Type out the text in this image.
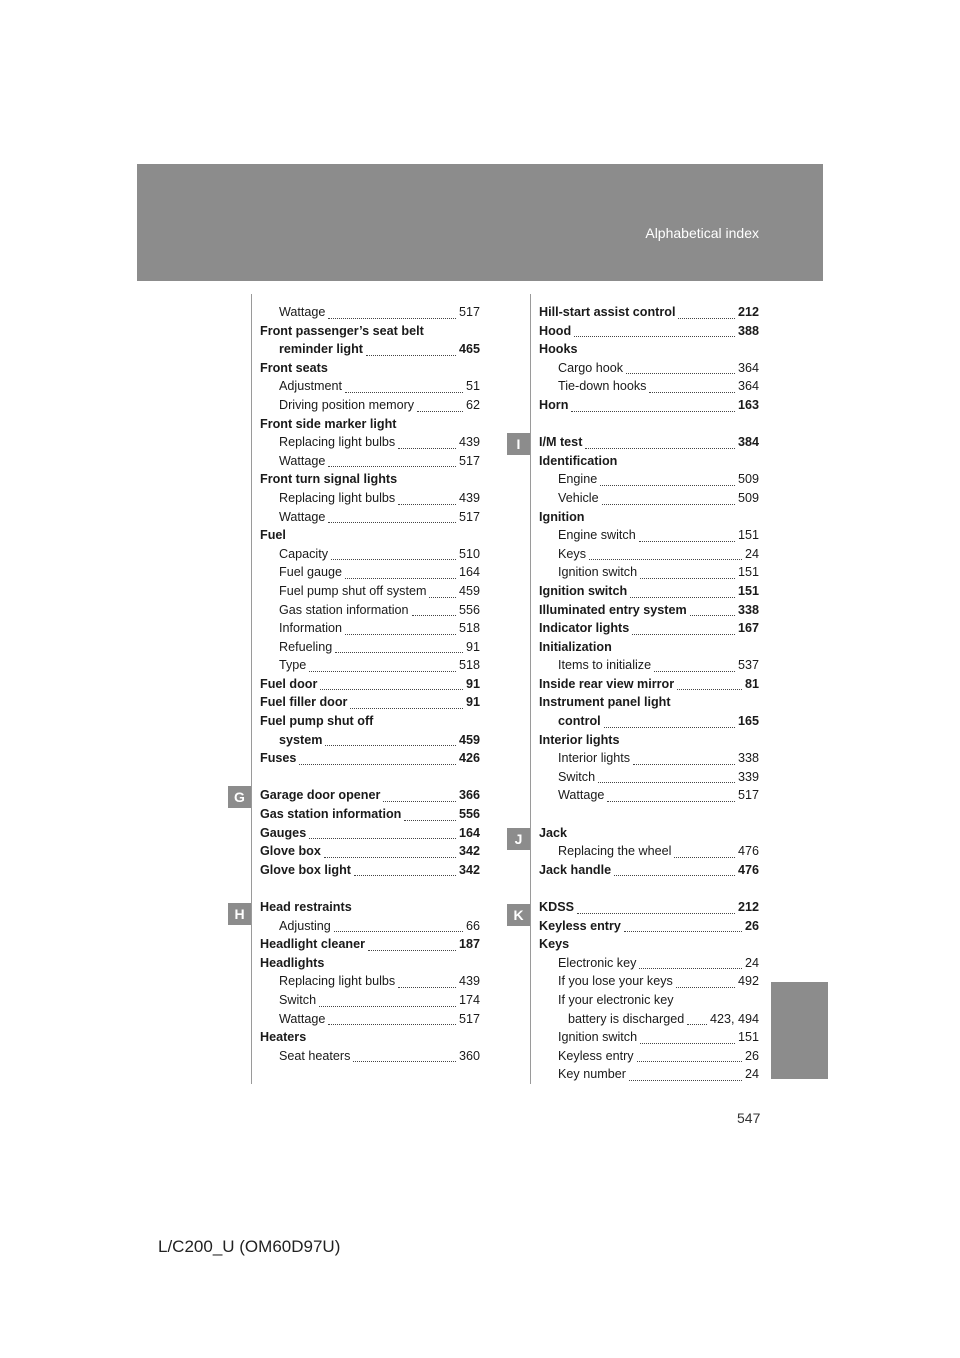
Alphabetical index
G
H
I
J
K
Wattage	517
Front passenger’s seat belt
reminder light	465
Front seats
Adjustment	51
Driving position memory	62
Front side marker light
Replacing light bulbs	439
Wattage	517
Front turn signal lights
Replacing light bulbs	439
Wattage	517
Fuel
Capacity	510
Fuel gauge	164
Fuel pump shut off system	459
Gas station information	556
Information	518
Refueling	91
Type	518
Fuel door	91
Fuel filler door	91
Fuel pump shut off
system	459
Fuses	426
Garage door opener	366
Gas station information	556
Gauges	164
Glove box	342
Glove box light	342
Head restraints
Adjusting	66
Headlight cleaner	187
Headlights
Replacing light bulbs	439
Switch	174
Wattage	517
Heaters
Seat heaters	360
Hill-start assist control	212
Hood	388
Hooks
Cargo hook	364
Tie-down hooks	364
Horn	163
I/M test	384
Identification
Engine	509
Vehicle	509
Ignition
Engine switch	151
Keys	24
Ignition switch	151
Ignition switch	151
Illuminated entry system	338
Indicator lights	167
Initialization
Items to initialize	537
Inside rear view mirror	81
Instrument panel light
control	165
Interior lights
Interior lights	338
Switch	339
Wattage	517
Jack
Replacing the wheel	476
Jack handle	476
KDSS	212
Keyless entry	26
Keys
Electronic key	24
If you lose your keys	492
If your electronic key
battery is discharged	423, 494
Ignition switch	151
Keyless entry	26
Key number	24
547
L/C200_U (OM60D97U)
